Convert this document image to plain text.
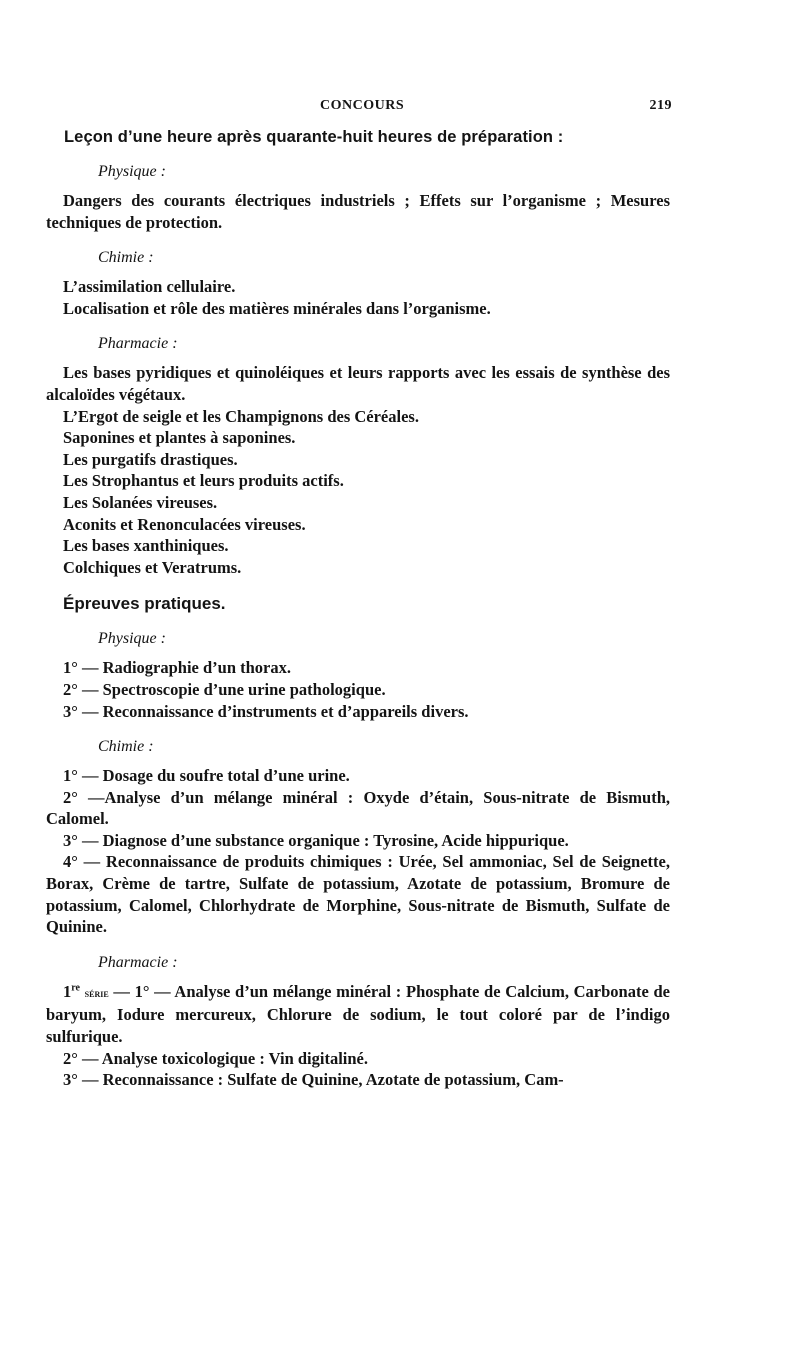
CONCOURS	219
Leçon d’une heure après quarante-huit heures de préparation :
Physique :

Dangers des courants électriques industriels ; Effets sur l’organisme ; Mesures techniques de protection.

Chimie :

L’assimilation cellulaire.

Localisation et rôle des matières minérales dans l’organisme.

Pharmacie :

Les bases pyridiques et quinoléiques et leurs rapports avec les essais de synthèse des alcaloïdes végétaux.

L’Ergot de seigle et les Champignons des Céréales.

Saponines et plantes à saponines.

Les purgatifs drastiques.

Les Strophantus et leurs produits actifs.

Les Solanées vireuses.

Aconits et Renonculacées vireuses.

Les bases xanthiniques.

Colchiques et Veratrums.

Épreuves pratiques.
Physique :

1° — Radiographie d’un thorax.

2° — Spectroscopie d’une urine pathologique.

3° — Reconnaissance d’instruments et d’appareils divers.

Chimie :

1° — Dosage du soufre total d’une urine.

2° —Analyse d’un mélange minéral : Oxyde d’étain, Sous-nitrate de Bismuth, Calomel.

3° — Diagnose d’une substance organique : Tyrosine, Acide hippurique.

4° — Reconnaissance de produits chimiques : Urée, Sel ammoniac, Sel de Seignette, Borax, Crème de tartre, Sulfate de potassium, Azotate de potassium, Bromure de potassium, Calomel, Chlorhydrate de Morphine, Sous-nitrate de Bismuth, Sulfate de Quinine.

Pharmacie :

1re série — 1° — Analyse d’un mélange minéral : Phosphate de Calcium, Carbonate de baryum, Iodure mercureux, Chlorure de sodium, le tout coloré par de l’indigo sulfurique.

2° — Analyse toxicologique : Vin digitaliné.

3° — Reconnaissance : Sulfate de Quinine, Azotate de potassium, Cam-
